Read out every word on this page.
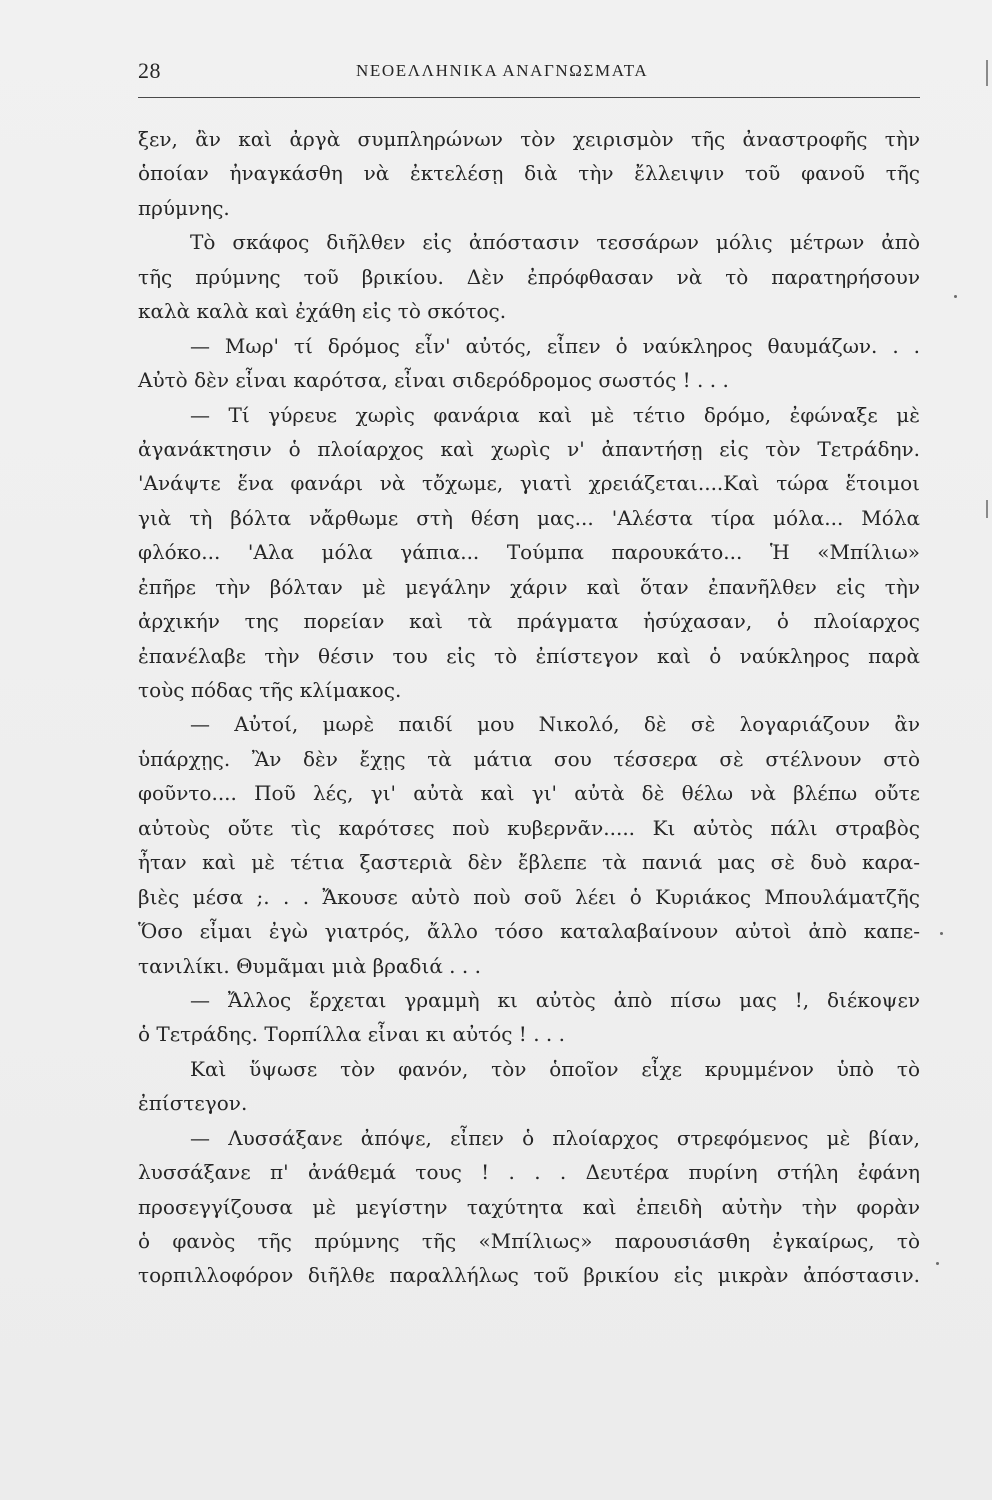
28	ΝΕΟΕΛΛΗΝΙΚΑ ΑΝΑΓΝΩΣΜΑΤΑ
ξεν, ἂν καὶ ἀργὰ συμπληρώνων τὸν χειρισμὸν τῆς ἀναστροφῆς τὴν
ὁποίαν ἠναγκάσθη νὰ ἐκτελέσῃ διὰ τὴν ἔλλειψιν τοῦ φανοῦ τῆς
πρύμνης.
Τὸ σκάφος διῆλθεν εἰς ἀπόστασιν τεσσάρων μόλις μέτρων ἀπὸ
τῆς πρύμνης τοῦ βρικίου. Δὲν ἐπρόφθασαν νὰ τὸ παρατηρήσουν
καλὰ καλὰ καὶ ἐχάθη εἰς τὸ σκότος.
— Μωρ' τί δρόμος εἶν' αὐτός, εἶπεν ὁ ναύκληρος θαυμάζων. . .
Αὐτὸ δὲν εἶναι καρότσα, εἶναι σιδερόδρομος σωστός ! . . .
— Τί γύρευε χωρὶς φανάρια καὶ μὲ τέτιο δρόμο, ἐφώναξε μὲ
ἀγανάκτησιν ὁ πλοίαρχος καὶ χωρὶς ν' ἀπαντήσῃ εἰς τὸν Τετράδην.
'Ανάψτε ἕνα φανάρι νὰ τὄχωμε, γιατὶ χρειάζεται....Καὶ τώρα ἕτοιμοι
γιὰ τὴ βόλτα νἄρθωμε στὴ θέση μας... 'Αλέστα τίρα μόλα... Μόλα
φλόκο... 'Αλα μόλα γάπια... Τούμπα παρουκάτο... Ἡ «Μπίλιω»
ἐπῆρε τὴν βόλταν μὲ μεγάλην χάριν καὶ ὅταν ἐπανῆλθεν εἰς τὴν
ἀρχικήν της πορείαν καὶ τὰ πράγματα ἡσύχασαν, ὁ πλοίαρχος
ἐπανέλαβε τὴν θέσιν του εἰς τὸ ἐπίστεγον καὶ ὁ ναύκληρος παρὰ
τοὺς πόδας τῆς κλίμακος.
— Αὐτοί, μωρὲ παιδί μου Νικολό, δὲ σὲ λογαριάζουν ἂν
ὑπάρχῃς. Ἂν δὲν ἔχῃς τὰ μάτια σου τέσσερα σὲ στέλνουν στὸ
φοῦντο.... Ποῦ λές, γι' αὐτὰ καὶ γι' αὐτὰ δὲ θέλω νὰ βλέπω οὔτε
αὐτοὺς οὔτε τὶς καρότσες ποὺ κυβερνᾶν..... Κι αὐτὸς πάλι στραβὸς
ἦταν καὶ μὲ τέτια ξαστεριὰ δὲν ἔβλεπε τὰ πανιά μας σὲ δυὸ καρα-
βιὲς μέσα ;. . . Ἄκουσε αὐτὸ ποὺ σοῦ λέει ὁ Κυριάκος Μπουλάματζῆς
Ὅσο εἶμαι ἐγὼ γιατρός, ἄλλο τόσο καταλαβαίνουν αὐτοὶ ἀπὸ καπε-
τανιλίκι. Θυμᾶμαι μιὰ βραδιά . . .
— Ἄλλος ἔρχεται γραμμὴ κι αὐτὸς ἀπὸ πίσω μας !, διέκοψεν
ὁ Τετράδης. Τορπίλλα εἶναι κι αὐτός ! . . .
Καὶ ὕψωσε τὸν φανόν, τὸν ὁποῖον εἶχε κρυμμένον ὑπὸ τὸ
ἐπίστεγον.
— Λυσσάξανε ἀπόψε, εἶπεν ὁ πλοίαρχος στρεφόμενος μὲ βίαν,
λυσσάξανε π' ἀνάθεμά τους ! . . . Δευτέρα πυρίνη στήλη ἐφάνη
προσεγγίζουσα μὲ μεγίστην ταχύτητα καὶ ἐπειδὴ αὐτὴν τὴν φορὰν
ὁ φανὸς τῆς πρύμνης τῆς «Μπίλιως» παρουσιάσθη ἐγκαίρως, τὸ
τορπιλλοφόρον διῆλθε παραλλήλως τοῦ βρικίου εἰς μικρὰν ἀπόστασιν.
